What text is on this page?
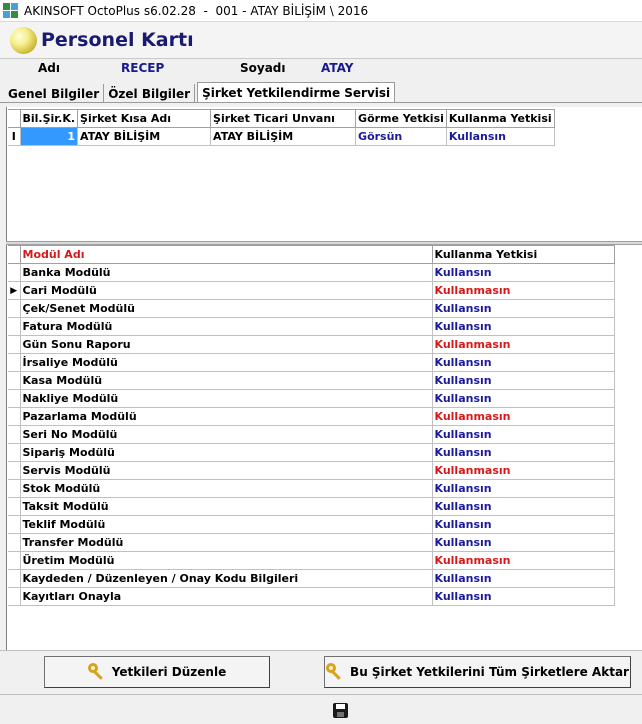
AKINSOFT OctoPlus s6.02.28  -  001 - ATAY BİLİŞİM \ 2016
Personel Kartı
Adı	RECEP	Soyadı	ATAY
Genel Bilgiler Özel Bilgiler	Şirket Yetkilendirme Servisi
	Bil.Şir.K.	Şirket Kısa Adı	Şirket Ticari Unvanı	Görme Yetkisi	Kullanma Yetkisi
I	1	ATAY BİLİŞİM	ATAY BİLİŞİM	Görsün	Kullansın
	Modül Adı	Kullanma Yetkisi
	Banka Modülü	Kullansın
▶	Cari Modülü	Kullanmasın
	Çek/Senet Modülü	Kullansın
	Fatura Modülü	Kullansın
	Gün Sonu Raporu	Kullanmasın
	İrsaliye Modülü	Kullansın
	Kasa Modülü	Kullansın
	Nakliye Modülü	Kullansın
	Pazarlama Modülü	Kullanmasın
	Seri No Modülü	Kullansın
	Sipariş Modülü	Kullansın
	Servis Modülü	Kullanmasın
	Stok Modülü	Kullansın
	Taksit Modülü	Kullansın
	Teklif Modülü	Kullansın
	Transfer Modülü	Kullansın
	Üretim Modülü	Kullanmasın
	Kaydeden / Düzenleyen / Onay Kodu Bilgileri	Kullansın
	Kayıtları Onayla	Kullansın
Yetkileri Düzenle	Bu Şirket Yetkilerini Tüm Şirketlere Aktar
